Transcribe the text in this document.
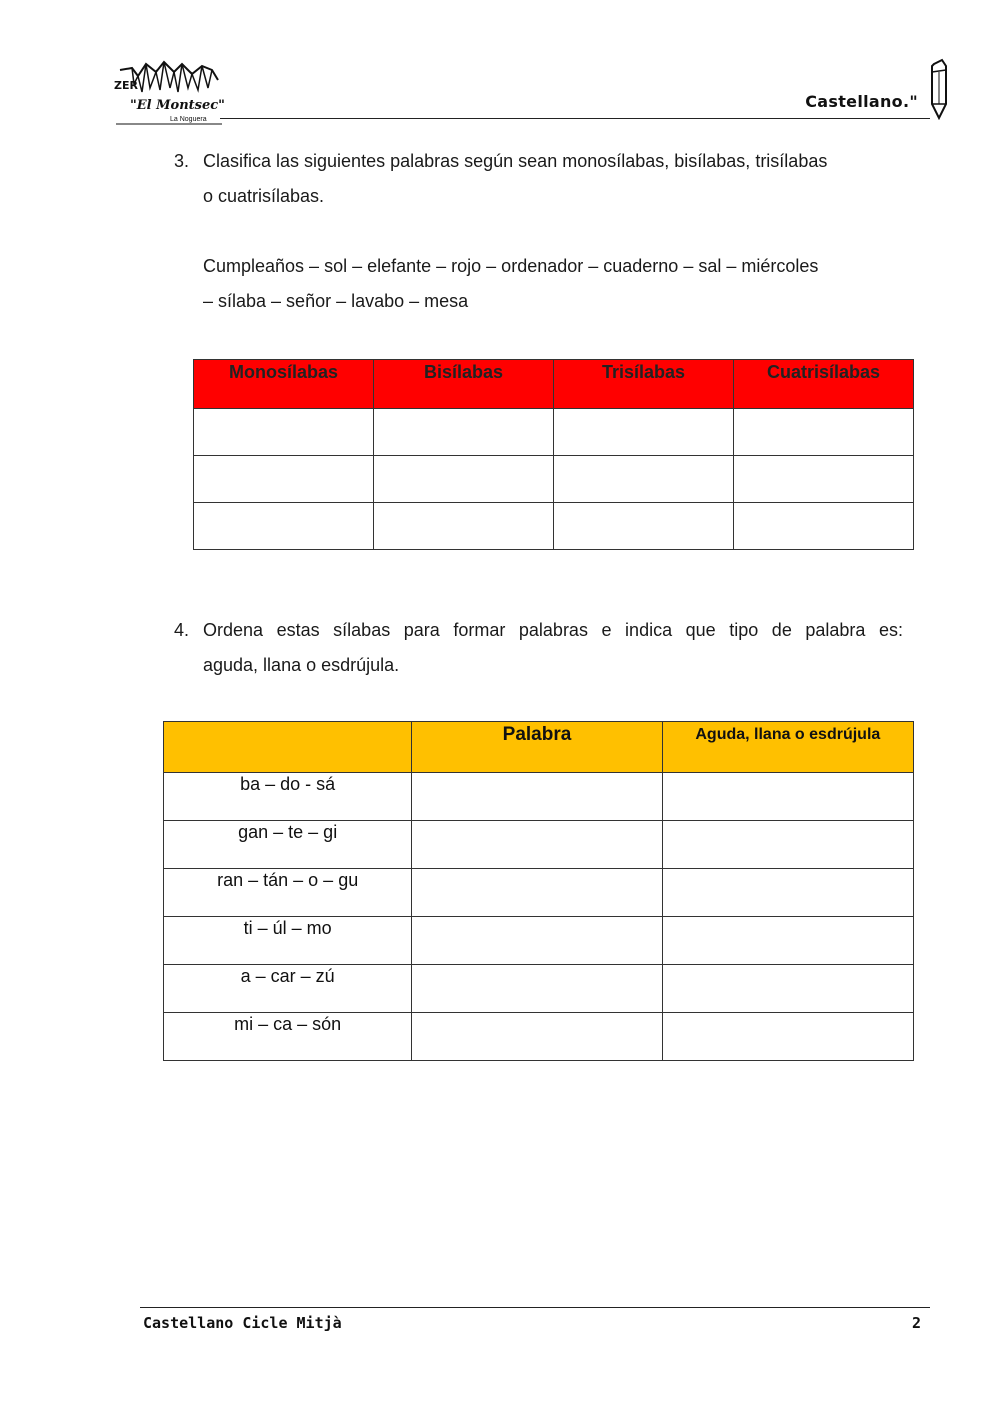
ZER
"El Montsec"
La Noguera
Castellano."
3. Clasifica las siguientes palabras según sean monosílabas, bisílabas, trisílabas
o cuatrisílabas.
Cumpleaños – sol – elefante – rojo – ordenador – cuaderno – sal – miércoles
– sílaba – señor – lavabo – mesa
Monosílabas	Bisílabas	Trisílabas	Cuatrisílabas

4. Ordena estas sílabas para formar palabras e indica que tipo de palabra es:
aguda, llana o esdrújula.
	Palabra	Aguda, llana o esdrújula
ba – do - sá		
gan – te – gi		
ran – tán – o – gu		
ti – úl – mo		
a – car – zú		
mi – ca – són		
Castellano Cicle Mitjà	2
